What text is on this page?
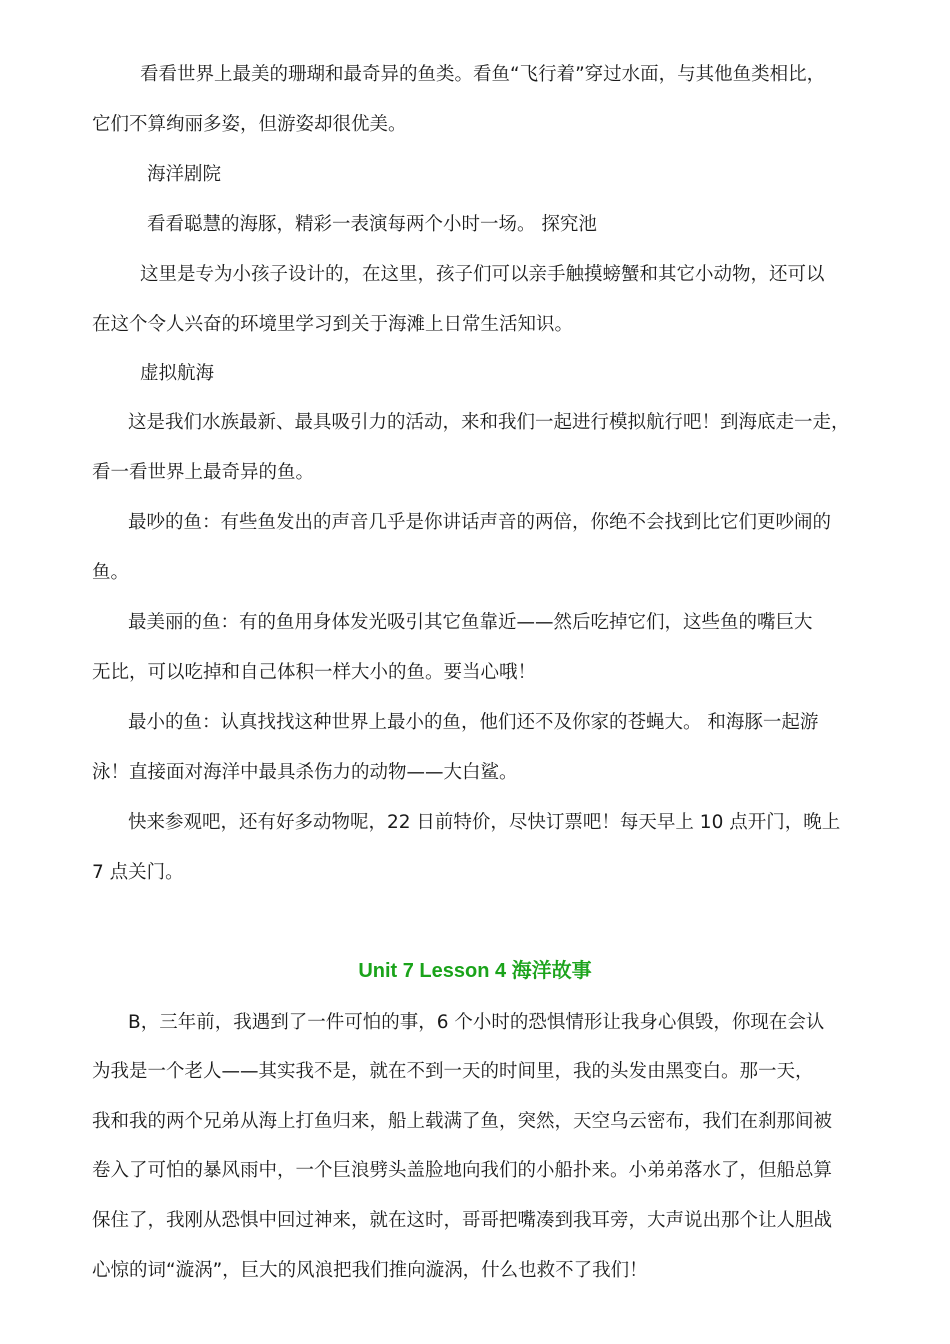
看看世界上最美的珊瑚和最奇异的鱼类。看鱼“飞行着”穿过水面，与其他鱼类相比，

它们不算绚丽多姿，但游姿却很优美。

海洋剧院

看看聪慧的海豚，精彩一表演每两个小时一场。 探究池

这里是专为小孩子设计的，在这里，孩子们可以亲手触摸螃蟹和其它小动物，还可以

在这个令人兴奋的环境里学习到关于海滩上日常生活知识。

虚拟航海

这是我们水族最新、最具吸引力的活动，来和我们一起进行模拟航行吧！到海底走一走，

看一看世界上最奇异的鱼。

最吵的鱼：有些鱼发出的声音几乎是你讲话声音的两倍，你绝不会找到比它们更吵闹的

鱼。

最美丽的鱼：有的鱼用身体发光吸引其它鱼靠近——然后吃掉它们，这些鱼的嘴巨大

无比，可以吃掉和自己体积一样大小的鱼。要当心哦！

最小的鱼：认真找找这种世界上最小的鱼，他们还不及你家的苍蝇大。 和海豚一起游

泳！直接面对海洋中最具杀伤力的动物——大白鲨。

快来参观吧，还有好多动物呢，22 日前特价，尽快订票吧！每天早上 10 点开门，晚上

7 点关门。

Unit 7 Lesson 4 海洋故事

B，三年前，我遇到了一件可怕的事，6 个小时的恐惧情形让我身心俱毁，你现在会认

为我是一个老人——其实我不是，就在不到一天的时间里，我的头发由黑变白。那一天，

我和我的两个兄弟从海上打鱼归来，船上载满了鱼，突然，天空乌云密布，我们在刹那间被

卷入了可怕的暴风雨中，一个巨浪劈头盖脸地向我们的小船扑来。小弟弟落水了，但船总算

保住了，我刚从恐惧中回过神来，就在这时，哥哥把嘴凑到我耳旁，大声说出那个让人胆战

心惊的词“漩涡”，巨大的风浪把我们推向漩涡，什么也救不了我们！
